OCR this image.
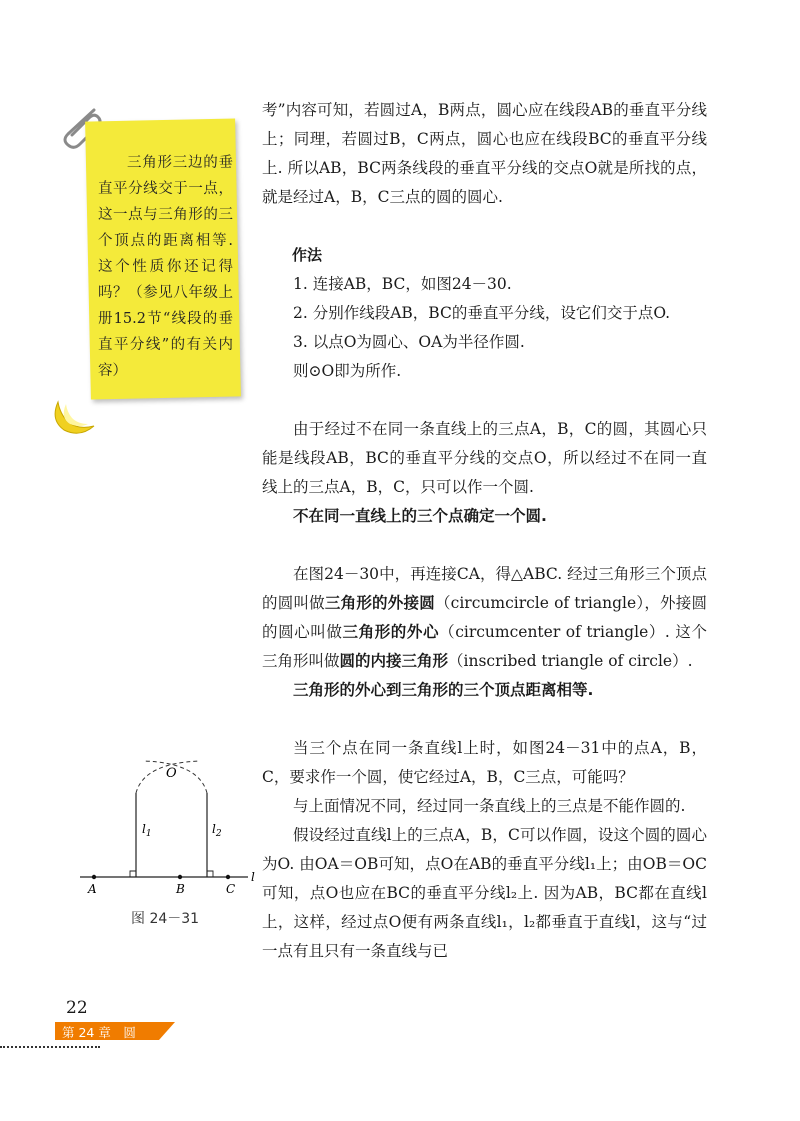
三角形三边的垂直平分线交于一点，这一点与三角形的三个顶点的距离相等. 这个性质你还记得吗？（参见八年级上册15.2节“线段的垂直平分线”的有关内容）

考”内容可知，若圆过A，B两点，圆心应在线段AB的垂直平分线上；同理，若圆过B，C两点，圆心也应在线段BC的垂直平分线上. 所以AB，BC两条线段的垂直平分线的交点O就是所找的点，就是经过A，B，C三点的圆的圆心.

作法

1. 连接AB，BC，如图24－30.

2. 分别作线段AB，BC的垂直平分线，设它们交于点O.

3. 以点O为圆心、OA为半径作圆.

则⊙O即为所作.

由于经过不在同一条直线上的三点A，B，C的圆，其圆心只能是线段AB，BC的垂直平分线的交点O，所以经过不在同一直线上的三点A，B，C，只可以作一个圆.

不在同一直线上的三个点确定一个圆.

在图24－30中，再连接CA，得△ABC. 经过三角形三个顶点的圆叫做三角形的外接圆（circumcircle of triangle），外接圆的圆心叫做三角形的外心（circumcenter of triangle）. 这个三角形叫做圆的内接三角形（inscribed triangle of circle）.

三角形的外心到三角形的三个顶点距离相等.

当三个点在同一条直线l上时，如图24－31中的点A，B，C，要求作一个圆，使它经过A，B，C三点，可能吗？

与上面情况不同，经过同一条直线上的三点是不能作圆的.

假设经过直线l上的三点A，B，C可以作圆，设这个圆的圆心为O. 由OA＝OB可知，点O在AB的垂直平分线l₁上；由OB＝OC可知，点O也应在BC的垂直平分线l₂上. 因为AB，BC都在直线l上，这样，经过点O便有两条直线l₁，l₂都垂直于直线l，这与“过一点有且只有一条直线与已

O
$l_1$	$l_2$
A	B	C
l
图 24－31
22
第 24 章　圆
